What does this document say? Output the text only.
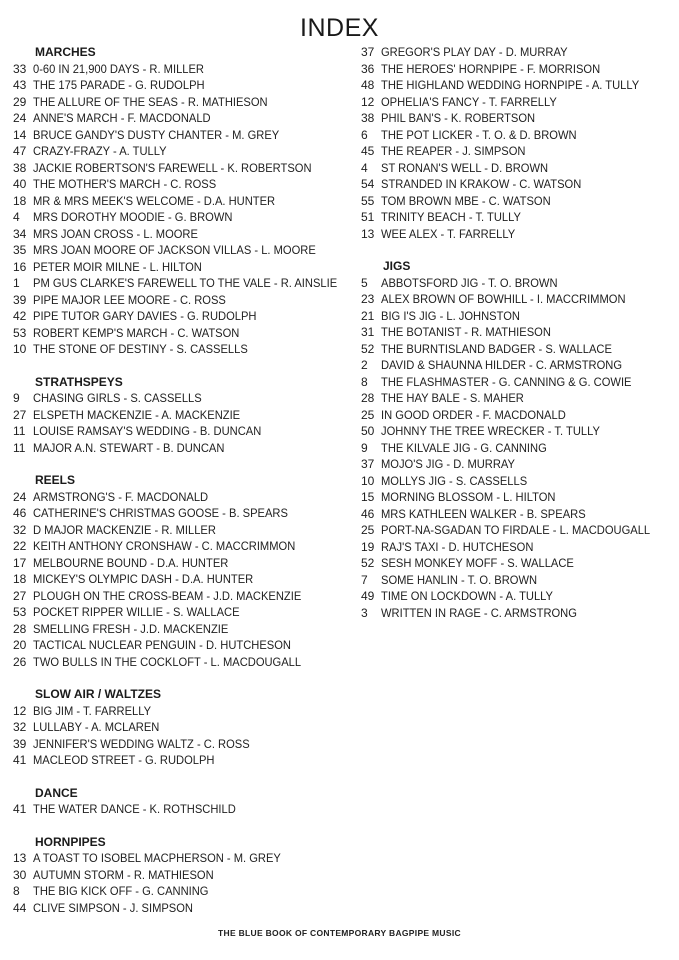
INDEX
MARCHES
33 0-60 IN 21,900 DAYS - R. MILLER
43 THE 175 PARADE - G. RUDOLPH
29 THE ALLURE OF THE SEAS - R. MATHIESON
24 ANNE'S MARCH - F. MACDONALD
14 BRUCE GANDY'S DUSTY CHANTER - M. GREY
47 CRAZY-FRAZY - A. TULLY
38 JACKIE ROBERTSON'S FAREWELL - K. ROBERTSON
40 THE MOTHER'S MARCH - C. ROSS
18 MR & MRS MEEK'S WELCOME - D.A. HUNTER
4	MRS DOROTHY MOODIE - G. BROWN
34 MRS JOAN CROSS - L. MOORE
35 MRS JOAN MOORE OF JACKSON VILLAS - L. MOORE
16 PETER MOIR MILNE - L. HILTON
1	PM GUS CLARKE'S FAREWELL TO THE VALE - R. AINSLIE
39 PIPE MAJOR LEE MOORE - C. ROSS
42 PIPE TUTOR GARY DAVIES - G. RUDOLPH
53 ROBERT KEMP'S MARCH - C. WATSON
10 THE STONE OF DESTINY - S. CASSELLS
STRATHSPEYS
9	CHASING GIRLS - S. CASSELLS
27 ELSPETH MACKENZIE - A. MACKENZIE
11 LOUISE RAMSAY'S WEDDING - B. DUNCAN
11 MAJOR A.N. STEWART - B. DUNCAN
REELS
24 ARMSTRONG'S - F. MACDONALD
46 CATHERINE'S CHRISTMAS GOOSE - B. SPEARS
32 D MAJOR MACKENZIE - R. MILLER
22 KEITH ANTHONY CRONSHAW - C. MACCRIMMON
17 MELBOURNE BOUND - D.A. HUNTER
18 MICKEY'S OLYMPIC DASH - D.A. HUNTER
27 PLOUGH ON THE CROSS-BEAM - J.D. MACKENZIE
53 POCKET RIPPER WILLIE - S. WALLACE
28 SMELLING FRESH - J.D. MACKENZIE
20 TACTICAL NUCLEAR PENGUIN - D. HUTCHESON
26 TWO BULLS IN THE COCKLOFT - L. MACDOUGALL
SLOW AIR / WALTZES
12 BIG JIM - T. FARRELLY
32 LULLABY - A. MCLAREN
39 JENNIFER'S WEDDING WALTZ - C. ROSS
41 MACLEOD STREET - G. RUDOLPH
DANCE
41 THE WATER DANCE - K. ROTHSCHILD
HORNPIPES
13 A TOAST TO ISOBEL MACPHERSON - M. GREY
30 AUTUMN STORM - R. MATHIESON
8	THE BIG KICK OFF - G. CANNING
44 CLIVE SIMPSON - J. SIMPSON
37 GREGOR'S PLAY DAY - D. MURRAY
36 THE HEROES' HORNPIPE - F. MORRISON
48 THE HIGHLAND WEDDING HORNPIPE - A. TULLY
12 OPHELIA'S FANCY - T. FARRELLY
38 PHIL BAN'S - K. ROBERTSON
6	THE POT LICKER - T. O. & D. BROWN
45 THE REAPER - J. SIMPSON
4	ST RONAN'S WELL - D. BROWN
54 STRANDED IN KRAKOW - C. WATSON
55 TOM BROWN MBE - C. WATSON
51 TRINITY BEACH - T. TULLY
13 WEE ALEX - T. FARRELLY
JIGS
5	ABBOTSFORD JIG - T. O. BROWN
23 ALEX BROWN OF BOWHILL - I. MACCRIMMON
21 BIG I'S JIG - L. JOHNSTON
31 THE BOTANIST - R. MATHIESON
52 THE BURNTISLAND BADGER - S. WALLACE
2	DAVID & SHAUNNA HILDER - C. ARMSTRONG
8	THE FLASHMASTER - G. CANNING & G. COWIE
28 THE HAY BALE - S. MAHER
25 IN GOOD ORDER - F. MACDONALD
50 JOHNNY THE TREE WRECKER - T. TULLY
9	THE KILVALE JIG - G. CANNING
37 MOJO'S JIG - D. MURRAY
10 MOLLYS JIG - S. CASSELLS
15 MORNING BLOSSOM - L. HILTON
46 MRS KATHLEEN WALKER - B. SPEARS
25 PORT-NA-SGADAN TO FIRDALE - L. MACDOUGALL
19 RAJ'S TAXI - D. HUTCHESON
52 SESH MONKEY MOFF - S. WALLACE
7	SOME HANLIN - T. O. BROWN
49 TIME ON LOCKDOWN - A. TULLY
3	WRITTEN IN RAGE - C. ARMSTRONG
THE BLUE BOOK OF CONTEMPORARY BAGPIPE MUSIC
